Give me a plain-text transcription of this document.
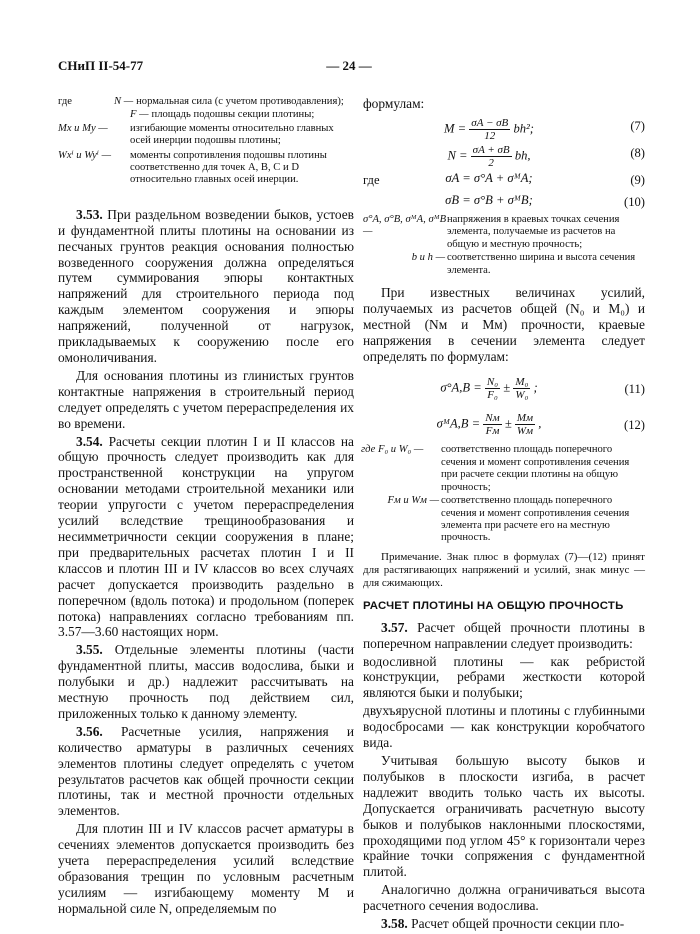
СНиП II-54-77	— 24 —
где	N — нормальная сила (с учетом противодавления);
F — площадь подошвы секции плотины;
Mx и My —	изгибающие моменты относительно главных осей инерции подошвы плотины;
Wxⁱ и Wyⁱ —	моменты сопротивления подошвы плотины соответственно для точек A, B, C и D относительно главных осей инерции.

3.53. При раздельном возведении быков, устоев и фундаментной плиты плотины на основании из песчаных грунтов реакция основания полностью возведенного сооружения должна определяться путем суммирования эпюры контактных напряжений для строительного периода под каждым элементом сооружения и эпюры напряжений, полученной от нагрузок, прикладываемых к сооружению после его омоноличивания.

Для основания плотины из глинистых грунтов контактные напряжения в строительный период следует определять с учетом перераспределения их во времени.

3.54. Расчеты секции плотин I и II классов на общую прочность следует производить как для пространственной конструкции на упругом основании методами строительной механики или теории упругости с учетом перераспределения усилий вследствие трещинообразования и несимметричности секции сооружения в плане; при предварительных расчетах плотин I и II классов и плотин III и IV классов во всех случаях расчет допускается производить раздельно в поперечном (вдоль потока) и продольном (поперек потока) направлениях согласно требованиям пп. 3.57—3.60 настоящих норм.

3.55. Отдельные элементы плотины (части фундаментной плиты, массив водослива, быки и полубыки и др.) надлежит рассчитывать на местную прочность под действием сил, приложенных только к данному элементу.

3.56. Расчетные усилия, напряжения и количество арматуры в различных сечениях элементов плотины следует определять с учетом результатов расчетов как общей прочности секции плотины, так и местной прочности отдельных элементов.

Для плотин III и IV классов расчет арматуры в сечениях элементов допускается производить без учета перераспределения усилий вследствие образования трещин по условным расчетным усилиям — изгибающему моменту M и нормальной силе N, определяемым по

формулам:

$M = \frac{\sigma A - \sigma B}{12} bh^2$;	(7)
$N = \frac{\sigma A + \sigma B}{2}$ bh,	(8)
где	σA = σ°A + σᴹA;	(9)
σB = σ°B + σᴹB;	(10)
σ°A, σ°B, σᴹA, σᴹB —
напряжения в краевых точках сечения элемента, получаемые из расчетов на общую и местную прочность;
b и h — соответственно ширина и высота сечения элемента.

При известных величинах усилий, получаемых из расчетов общей (N₀ и M₀) и местной (Nм и Mм) прочности, краевые напряжения в сечении элемента следует определять по формулам:

$\sigma^\circ A,B = \frac{\text{N₀}}{\text{F₀}} \pm \frac{\text{M₀}}{\text{W₀}}$ ;	(11)
σᴹA,B = $\frac{Nм}{Fм} \pm \frac{Mм}{Wм}$ ,	(12)
где F₀ и W₀ —	соответственно площадь поперечного сечения и момент сопротивления сечения при расчете секции плотины на общую прочность;
Fм и Wм — соответственно площадь поперечного сечения и момент сопротивления сечения элемента при расчете его на местную прочность.

Примечание. Знак плюс в формулах (7)—(12) принят для растягивающих напряжений и усилий, знак минус — для сжимающих.

РАСЧЕТ ПЛОТИНЫ НА ОБЩУЮ ПРОЧНОСТЬ

3.57. Расчет общей прочности плотины в поперечном направлении следует производить:

водосливной плотины — как ребристой конструкции, ребрами жесткости которой являются быки и полубыки;

двухъярусной плотины и плотины с глубинными водосбросами — как конструкции коробчатого вида.

Учитывая большую высоту быков и полубыков в плоскости изгиба, в расчет надлежит вводить только часть их высоты. Допускается ограничивать расчетную высоту быков и полубыков наклонными плоскостями, проходящими под углом 45° к горизонтали через крайние точки сопряжения с фундаментной плитой.

Аналогично должна ограничиваться высота расчетного сечения водослива.

3.58. Расчет общей прочности секции пло-
